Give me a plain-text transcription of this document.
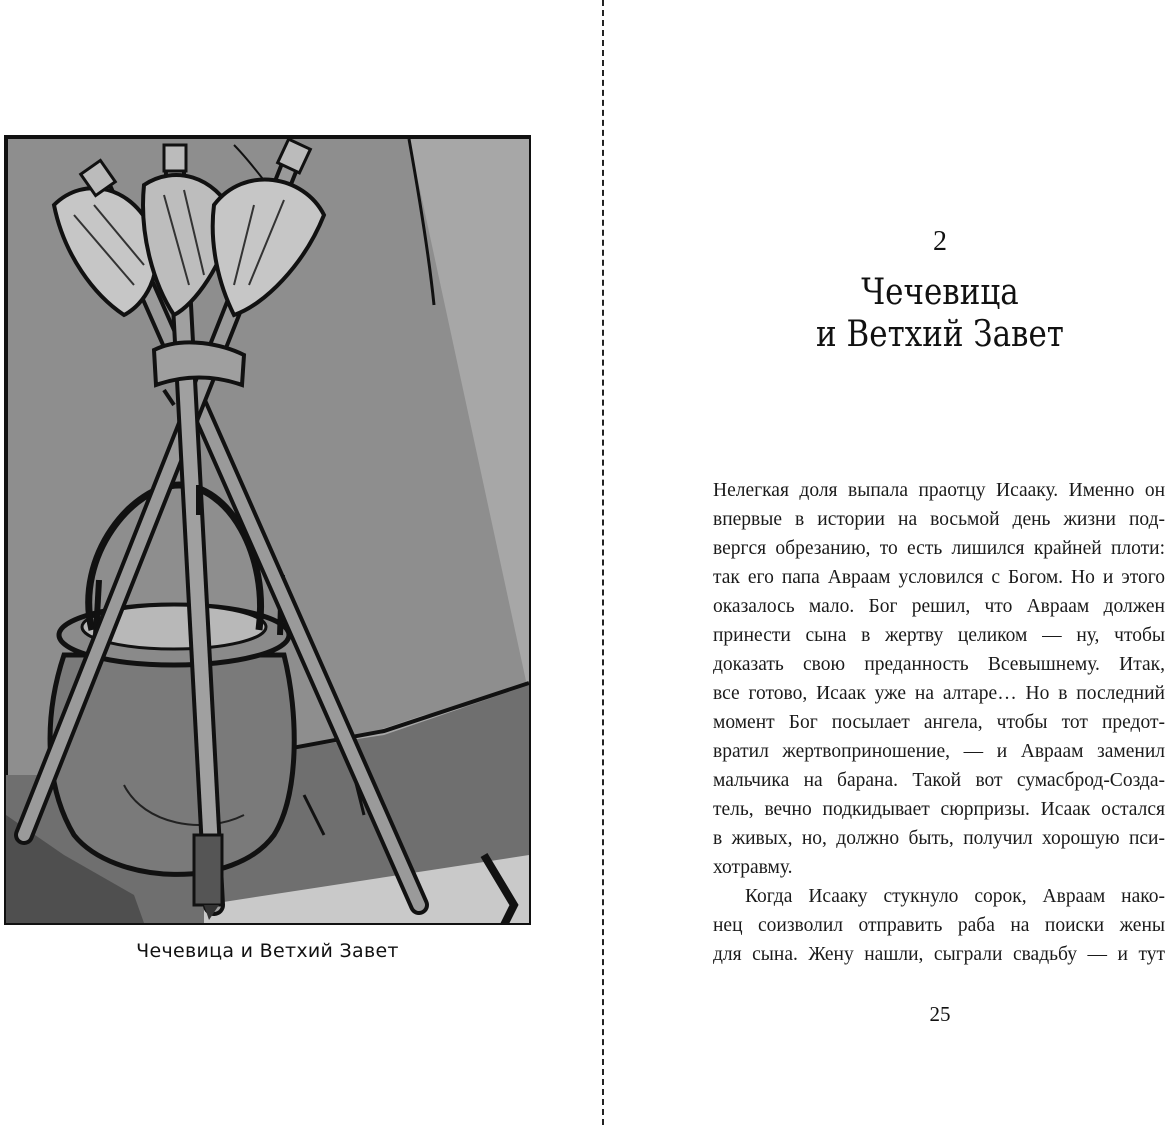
Чечевица и Ветхий Завет
2
Чечевица
и Ветхий Завет
Нелегкая доля выпала праотцу Исааку. Именно он
впервые в истории на восьмой день жизни под-
вергся обрезанию, то есть лишился крайней плоти:
так его папа Авраам условился с Богом. Но и этого
оказалось мало. Бог решил, что Авраам должен
принести сына в жертву целиком — ну, чтобы
доказать свою преданность Всевышнему. Итак,
все готово, Исаак уже на алтаре… Но в последний
момент Бог посылает ангела, чтобы тот предот-
вратил жертвоприношение, — и Авраам заменил
мальчика на барана. Такой вот сумасброд-Созда-
тель, вечно подкидывает сюрпризы. Исаак остался
в живых, но, должно быть, получил хорошую пси-
хотравму.
Когда Исааку стукнуло сорок, Авраам нако-
нец соизволил отправить раба на поиски жены
для сына. Жену нашли, сыграли свадьбу — и тут
25
